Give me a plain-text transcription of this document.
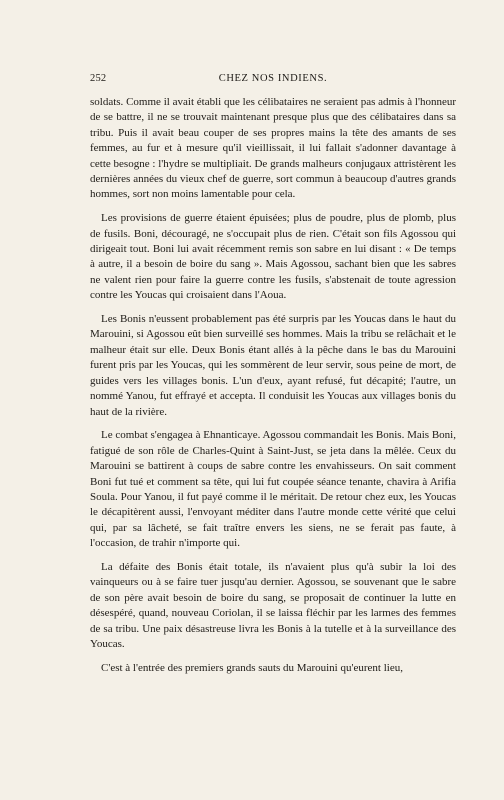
252	CHEZ NOS INDIENS.

soldats. Comme il avait établi que les célibataires ne seraient pas admis à l'honneur de se battre, il ne se trouvait maintenant presque plus que des célibataires dans sa tribu. Puis il avait beau couper de ses propres mains la tête des amants de ses femmes, au fur et à mesure qu'il vieillissait, il lui fallait s'adonner davantage à cette besogne : l'hydre se multipliait. De grands malheurs conjugaux attristèrent les dernières années du vieux chef de guerre, sort commun à beaucoup d'autres grands hommes, sort non moins lamentable pour cela.

Les provisions de guerre étaient épuisées; plus de poudre, plus de plomb, plus de fusils. Boni, découragé, ne s'occupait plus de rien. C'était son fils Agossou qui dirigeait tout. Boni lui avait récemment remis son sabre en lui disant : « De temps à autre, il a besoin de boire du sang ». Mais Agossou, sachant bien que les sabres ne valent rien pour faire la guerre contre les fusils, s'abstenait de toute agression contre les Youcas qui croisaient dans l'Aoua.

Les Bonis n'eussent probablement pas été surpris par les Youcas dans le haut du Marouini, si Agossou eût bien surveillé ses hommes. Mais la tribu se relâchait et le malheur était sur elle. Deux Bonis étant allés à la pêche dans le bas du Marouini furent pris par les Youcas, qui les sommèrent de leur servir, sous peine de mort, de guides vers les villages bonis. L'un d'eux, ayant refusé, fut décapité; l'autre, un nommé Yanou, fut effrayé et accepta. Il conduisit les Youcas aux villages bonis du haut de la rivière.

Le combat s'engagea à Ehnanticaye. Agossou commandait les Bonis. Mais Boni, fatigué de son rôle de Charles-Quint à Saint-Just, se jeta dans la mêlée. Ceux du Marouini se battirent à coups de sabre contre les envahisseurs. On sait comment Boni fut tué et comment sa tête, qui lui fut coupée séance tenante, chavira à Arifia Soula. Pour Yanou, il fut payé comme il le méritait. De retour chez eux, les Youcas le décapitèrent aussi, l'envoyant méditer dans l'autre monde cette vérité que celui qui, par sa lâcheté, se fait traître envers les siens, ne se ferait pas faute, à l'occasion, de trahir n'importe qui.

La défaite des Bonis était totale, ils n'avaient plus qu'à subir la loi des vainqueurs ou à se faire tuer jusqu'au dernier. Agossou, se souvenant que le sabre de son père avait besoin de boire du sang, se proposait de continuer la lutte en désespéré, quand, nouveau Coriolan, il se laissa fléchir par les larmes des femmes de sa tribu. Une paix désastreuse livra les Bonis à la tutelle et à la surveillance des Youcas.

C'est à l'entrée des premiers grands sauts du Marouini qu'eurent lieu,
